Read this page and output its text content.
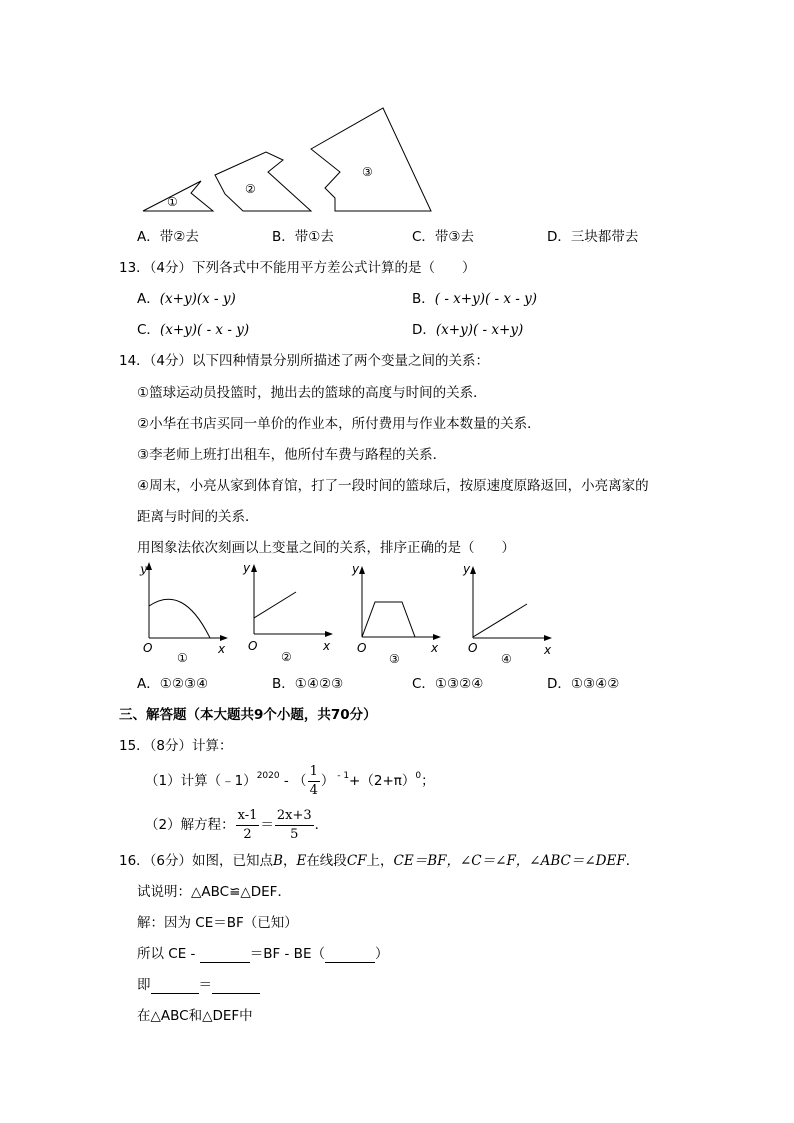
①
②
③
A．带②去	B．带①去	C．带③去	D．三块都带去
13．（4分）下列各式中不能用平方差公式计算的是（　　）
A．(x+y)(x - y)	B．( - x+y)( - x - y)
C．(x+y)( - x - y)	D．(x+y)( - x+y)
14．（4分）以下四种情景分别所描述了两个变量之间的关系：
①篮球运动员投篮时，抛出去的篮球的高度与时间的关系．
②小华在书店买同一单价的作业本，所付费用与作业本数量的关系．
③李老师上班打出租车，他所付车费与路程的关系．
④周末，小亮从家到体育馆，打了一段时间的篮球后，按原速度原路返回，小亮离家的
距离与时间的关系．
用图象法依次刻画以上变量之间的关系，排序正确的是（　　）
y
x
O
①
y
x
O
②
y
x
O
③
y
x
O
④
A．①②③④	B．①④②③	C．①③②④	D．①③④②
三、解答题（本大题共9个小题，共70分）
15．（8分）计算：
（1）计算（﹣1）$^{2020}$ - （ $\frac{1}{4}$ ） $^{- 1}+(2+\pi)^0$；
（2）解方程： $\frac{x-1}{2} = \frac{2x+3}{5}$ ．
16．（6分）如图，已知点B，E在线段CF上，CE＝BF，∠C＝∠F，∠ABC＝∠DEF．
试说明：△ABC≌△DEF．
解：因为 CE＝BF（已知）
所以 CE -	＝BF - BE（	）
即	＝
在△ABC和△DEF中
